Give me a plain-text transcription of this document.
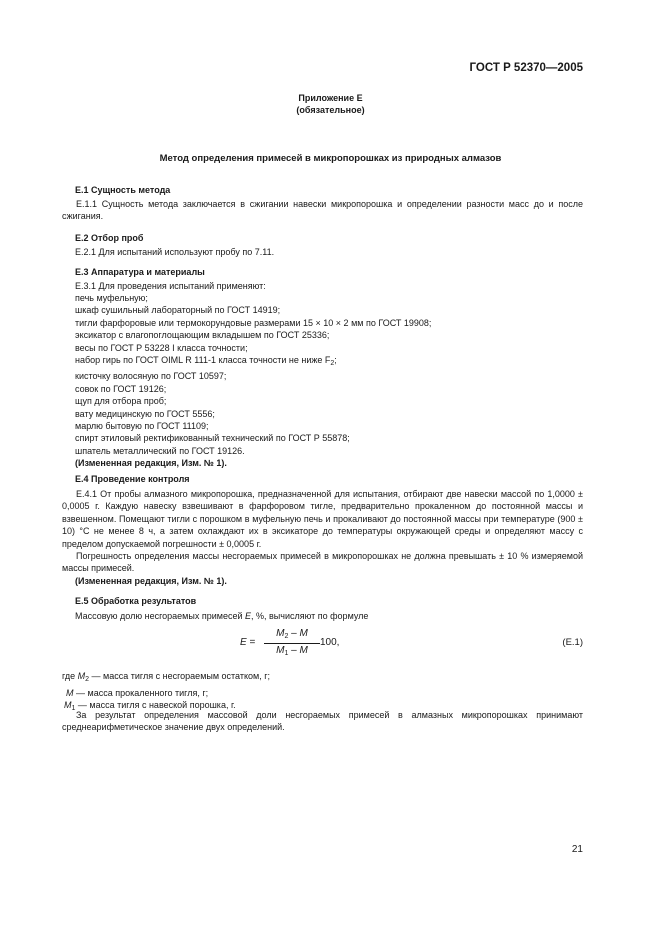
ГОСТ Р 52370—2005
Приложение Е
(обязательное)
Метод определения примесей в микропорошках из природных алмазов
Е.1 Сущность метода
Е.1.1 Сущность метода заключается в сжигании навески микропорошка и определении разности масс до и после сжигания.
Е.2 Отбор проб
Е.2.1 Для испытаний используют пробу по 7.11.
Е.3 Аппаратура и материалы
Е.3.1 Для проведения испытаний применяют:
печь муфельную;
шкаф сушильный лабораторный по ГОСТ 14919;
тигли фарфоровые или термокорундовые размерами 15 × 10 × 2 мм по ГОСТ 19908;
эксикатор с влагопоглощающим вкладышем по ГОСТ 25336;
весы по ГОСТ Р 53228 I класса точности;
набор гирь по ГОСТ OIML R 111-1 класса точности не ниже $F_2$;
кисточку волосяную по ГОСТ 10597;
совок по ГОСТ 19126;
щуп для отбора проб;
вату медицинскую по ГОСТ 5556;
марлю бытовую по ГОСТ 11109;
спирт этиловый ректификованный технический по ГОСТ Р 55878;
шпатель металлический по ГОСТ 19126.
(Измененная редакция, Изм. № 1).
Е.4 Проведение контроля
Е.4.1 От пробы алмазного микропорошка, предназначенной для испытания, отбирают две навески массой по 1,0000 ± 0,0005 г. Каждую навеску взвешивают в фарфоровом тигле, предварительно прокаленном до постоянной массы и взвешенном. Помещают тигли с порошком в муфельную печь и прокаливают до постоянной массы при температуре (900 ± 10) °С не менее 8 ч, а затем охлаждают их в эксикаторе до температуры окружающей среды и определяют массу с пределом допускаемой погрешности ± 0,0005 г.
Погрешность определения массы несгораемых примесей в микропорошках не должна превышать ± 10 % измеряемой массы примесей.
(Измененная редакция, Изм. № 1).
Е.5 Обработка результатов
Массовую долю несгораемых примесей E, %, вычисляют по формуле
E =
$M_2$ – M
$M_1$ – M
100,	(Е.1)
где $M_2$ — масса тигля с несгораемым остатком, г;
M — масса прокаленного тигля, г;
$M_1$ — масса тигля с навеской порошка, г.
За результат определения массовой доли несгораемых примесей в алмазных микропорошках принимают среднеарифметическое значение двух определений.
21
